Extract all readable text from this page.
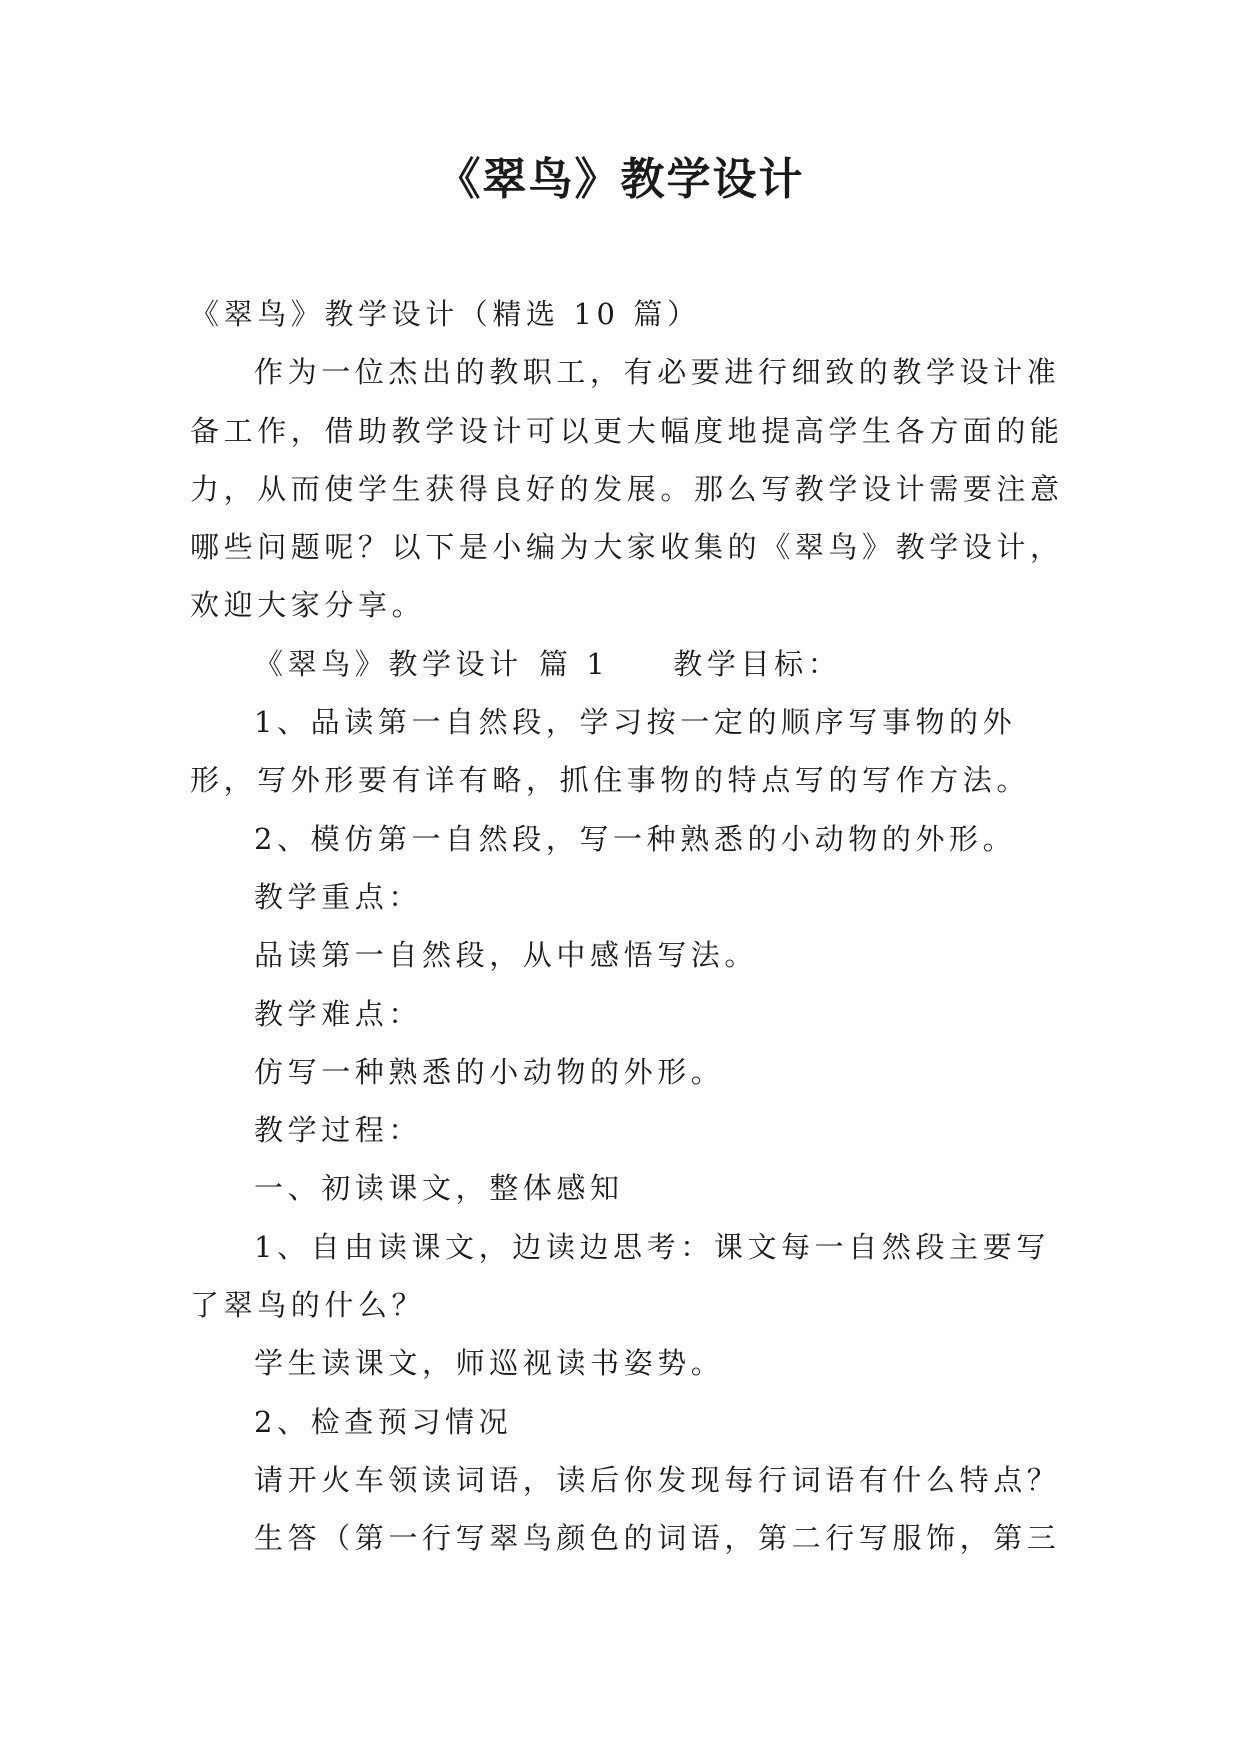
《翠鸟》教学设计

《翠鸟》教学设计（精选 10 篇）

作为一位杰出的教职工，有必要进行细致的教学设计准备工作，借助教学设计可以更大幅度地提高学生各方面的能力，从而使学生获得良好的发展。那么写教学设计需要注意哪些问题呢？以下是小编为大家收集的《翠鸟》教学设计，欢迎大家分享。

《翠鸟》教学设计 篇 1 教学目标：

1、品读第一自然段，学习按一定的顺序写事物的外形，写外形要有详有略，抓住事物的特点写的写作方法。

2、模仿第一自然段，写一种熟悉的小动物的外形。

教学重点：

品读第一自然段，从中感悟写法。

教学难点：

仿写一种熟悉的小动物的外形。

教学过程：

一、初读课文，整体感知

1、自由读课文，边读边思考：课文每一自然段主要写了翠鸟的什么？

学生读课文，师巡视读书姿势。

2、检查预习情况

请开火车领读词语，读后你发现每行词语有什么特点？

生答（第一行写翠鸟颜色的词语，第二行写服饰，第三
